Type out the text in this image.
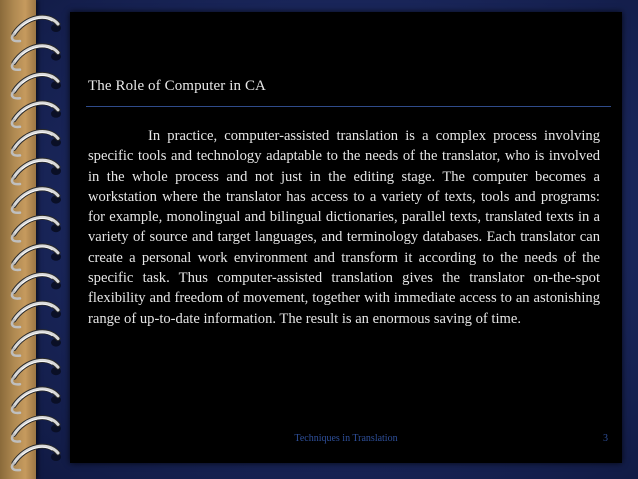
The Role of Computer in CA

In practice, computer-assisted translation is a complex process involving specific tools and technology adaptable to the needs of the translator, who is involved in the whole process and not just in the editing stage. The computer becomes a workstation where the translator has access to a variety of texts, tools and programs: for example, monolingual and bilingual dictionaries, parallel texts, translated texts in a variety of source and target languages, and terminology databases. Each translator can create a personal work environment and transform it according to the needs of the specific task. Thus computer-assisted translation gives the translator on-the-spot flexibility and freedom of movement, together with immediate access to an astonishing range of up-to-date information. The result is an enormous saving of time.

Techniques in Translation	3
